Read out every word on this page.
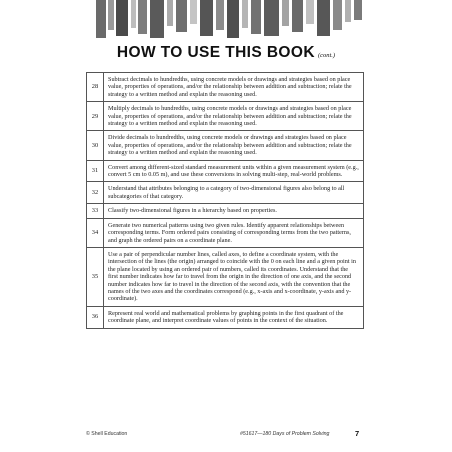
HOW TO USE THIS BOOK (cont.)
28	Subtract decimals to hundredths, using concrete models or drawings and strategies based on place value, properties of operations, and/or the relationship between addition and subtraction; relate the strategy to a written method and explain the reasoning used.
29	Multiply decimals to hundredths, using concrete models or drawings and strategies based on place value, properties of operations, and/or the relationship between addition and subtraction; relate the strategy to a written method and explain the reasoning used.
30	Divide decimals to hundredths, using concrete models or drawings and strategies based on place value, properties of operations, and/or the relationship between addition and subtraction; relate the strategy to a written method and explain the reasoning used.
31	Convert among different-sized standard measurement units within a given measurement system (e.g., convert 5 cm to 0.05 m), and use these conversions in solving multi-step, real-world problems.
32	Understand that attributes belonging to a category of two-dimensional figures also belong to all subcategories of that category.
33	Classify two-dimensional figures in a hierarchy based on properties.
34	Generate two numerical patterns using two given rules. Identify apparent relationships between corresponding terms. Form ordered pairs consisting of corresponding terms from the two patterns, and graph the ordered pairs on a coordinate plane.
35	Use a pair of perpendicular number lines, called axes, to define a coordinate system, with the intersection of the lines (the origin) arranged to coincide with the 0 on each line and a given point in the plane located by using an ordered pair of numbers, called its coordinates. Understand that the first number indicates how far to travel from the origin in the direction of one axis, and the second number indicates how far to travel in the direction of the second axis, with the convention that the names of the two axes and the coordinates correspond (e.g., x-axis and x-coordinate, y-axis and y-coordinate).
36	Represent real world and mathematical problems by graphing points in the first quadrant of the coordinate plane, and interpret coordinate values of points in the context of the situation.
© Shell Education	#51617—180 Days of Problem Solving	7
